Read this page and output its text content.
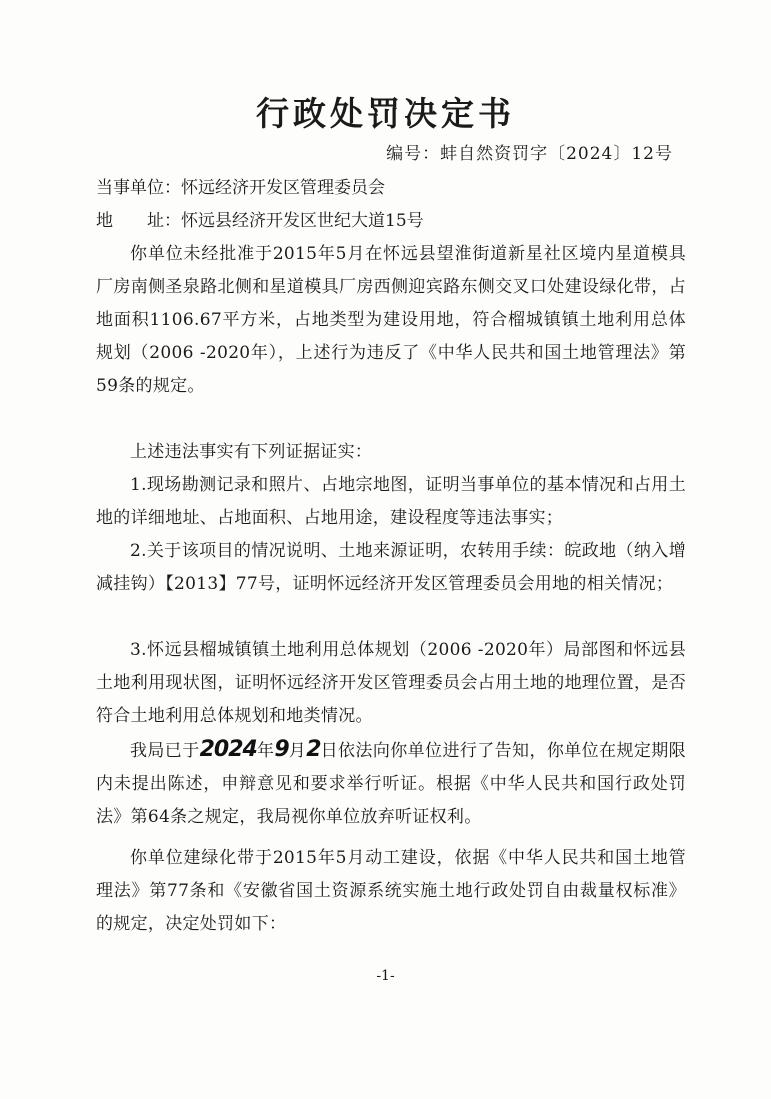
行政处罚决定书
编号：蚌自然资罚字〔2024〕12号
当事单位：怀远经济开发区管理委员会
地　　址：怀远县经济开发区世纪大道15号
你单位未经批准于2015年5月在怀远县望淮街道新星社区境内星道模具厂房南侧圣泉路北侧和星道模具厂房西侧迎宾路东侧交叉口处建设绿化带，占地面积1106.67平方米，占地类型为建设用地，符合榴城镇镇土地利用总体规划（2006 -2020年），上述行为违反了《中华人民共和国土地管理法》第59条的规定。
上述违法事实有下列证据证实：
1.现场勘测记录和照片、占地宗地图，证明当事单位的基本情况和占用土地的详细地址、占地面积、占地用途，建设程度等违法事实；
2.关于该项目的情况说明、土地来源证明，农转用手续：皖政地（纳入增减挂钩）【2013】77号，证明怀远经济开发区管理委员会用地的相关情况；
3.怀远县榴城镇镇土地利用总体规划（2006 -2020年）局部图和怀远县土地利用现状图，证明怀远经济开发区管理委员会占用土地的地理位置，是否符合土地利用总体规划和地类情况。
我局已于2024年9月2日依法向你单位进行了告知，你单位在规定期限内未提出陈述，申辩意见和要求举行听证。根据《中华人民共和国行政处罚法》第64条之规定，我局视你单位放弃听证权利。
你单位建绿化带于2015年5月动工建设，依据《中华人民共和国土地管理法》第77条和《安徽省国土资源系统实施土地行政处罚自由裁量权标准》的规定，决定处罚如下：
-1-
